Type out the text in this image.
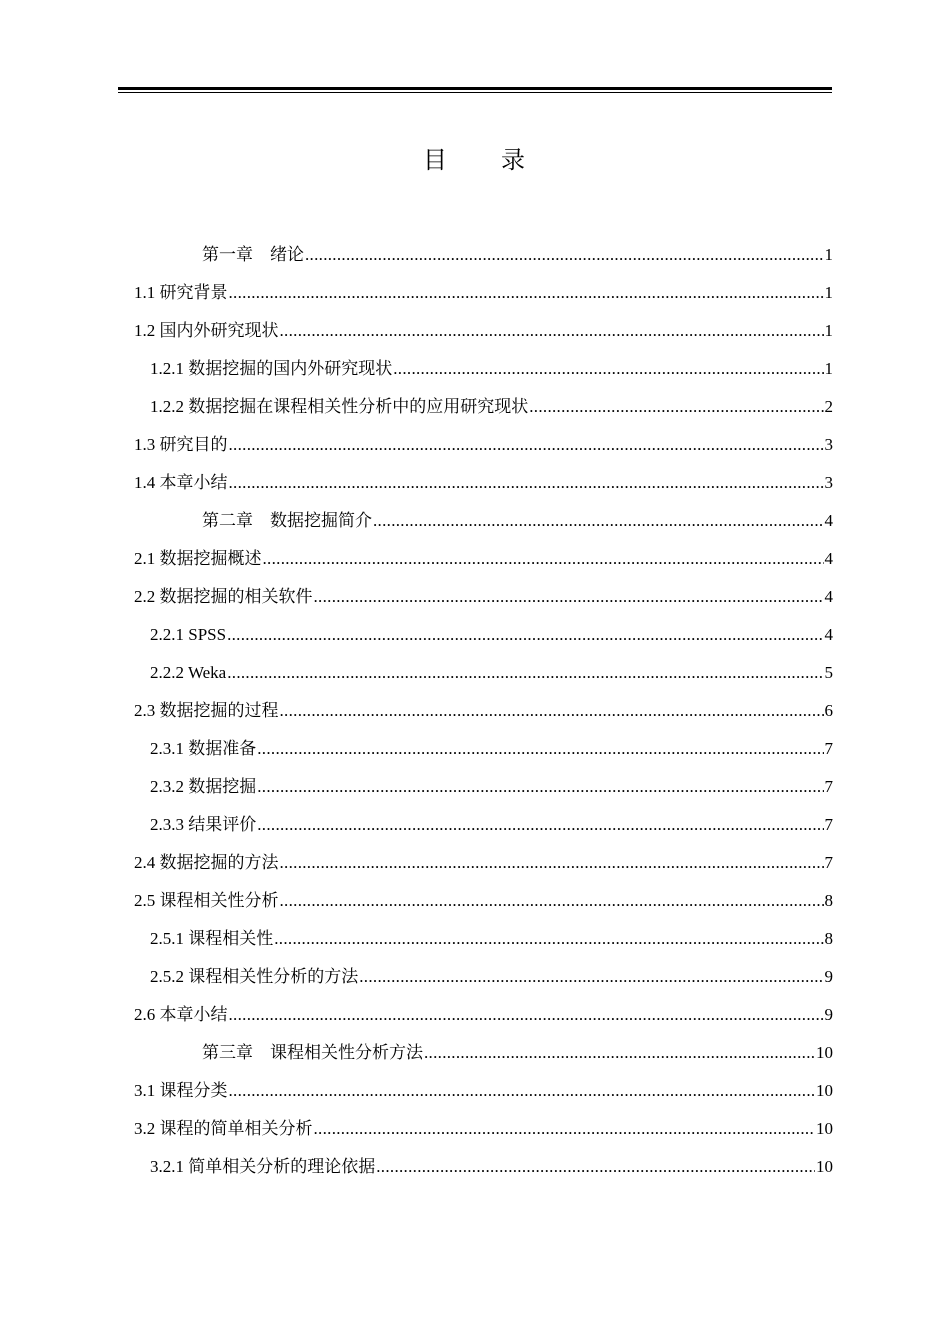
目　　录
第一章　绪论 .....	1
1.1 研究背景 .....	1
1.2 国内外研究现状 .....	1
1.2.1 数据挖掘的国内外研究现状 .....	1
1.2.2 数据挖掘在课程相关性分析中的应用研究现状 .....	2
1.3 研究目的 .....	3
1.4 本章小结 .....	3
第二章　数据挖掘简介 .....	4
2.1 数据挖掘概述 .....	4
2.2 数据挖掘的相关软件 .....	4
2.2.1 SPSS .....	4
2.2.2 Weka .....	5
2.3 数据挖掘的过程 .....	6
2.3.1 数据准备 .....	7
2.3.2 数据挖掘 .....	7
2.3.3 结果评价 .....	7
2.4 数据挖掘的方法 .....	7
2.5 课程相关性分析 .....	8
2.5.1 课程相关性 .....	8
2.5.2 课程相关性分析的方法 .....	9
2.6 本章小结 .....	9
第三章　课程相关性分析方法 .....	10
3.1 课程分类 .....	10
3.2 课程的简单相关分析 .....	10
3.2.1 简单相关分析的理论依据 .....	10
